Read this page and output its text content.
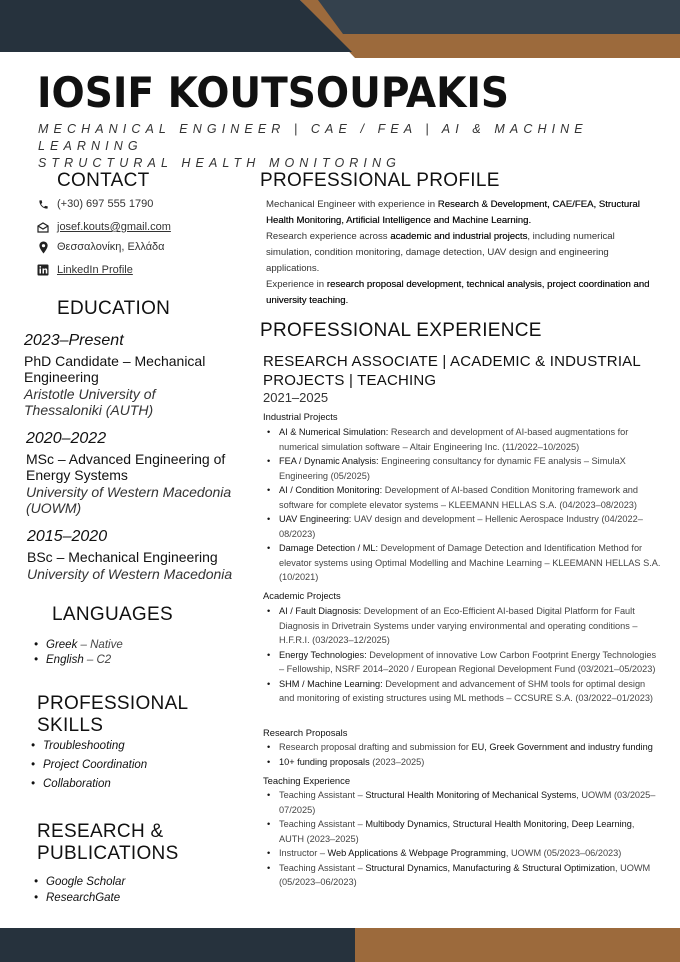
IOSIF KOUTSOUPAKIS
MECHANICAL ENGINEER | CAE / FEA | AI & MACHINE LEARNING
STRUCTURAL HEALTH MONITORING
CONTACT
(+30) 697 555 1790
josef.kouts@gmail.com
Θεσσαλονίκη, Ελλάδα
LinkedIn Profile
EDUCATION
2023–Present
PhD Candidate – Mechanical Engineering
Aristotle University of Thessaloniki (AUTH)
2020–2022
MSc – Advanced Engineering of Energy Systems
University of Western Macedonia (UOWM)
2015–2020
BSc – Mechanical Engineering
University of Western Macedonia
LANGUAGES
• Greek – Native
• English – C2
PROFESSIONAL
SKILLS
• Troubleshooting
• Project Coordination
• Collaboration
RESEARCH &
PUBLICATIONS
• Google Scholar
• ResearchGate
PROFESSIONAL PROFILE
Mechanical Engineer with experience in Research & Development, CAE/FEA, Structural Health Monitoring, Artificial Intelligence and Machine Learning.
Research experience across academic and industrial projects, including numerical simulation, condition monitoring, damage detection, UAV design and engineering applications.
Experience in research proposal development, technical analysis, project coordination and university teaching.
PROFESSIONAL EXPERIENCE
RESEARCH ASSOCIATE | ACADEMIC & INDUSTRIAL PROJECTS | TEACHING
2021–2025
Industrial Projects
• AI & Numerical Simulation: Research and development of AI-based augmentations for numerical simulation software – Altair Engineering Inc. (11/2022–10/2025)
• FEA / Dynamic Analysis: Engineering consultancy for dynamic FE analysis – SimulaX Engineering (05/2025)
• AI / Condition Monitoring: Development of AI-based Condition Monitoring framework and software for complete elevator systems – KLEEMANN HELLAS S.A. (04/2023–08/2023)
• UAV Engineering: UAV design and development – Hellenic Aerospace Industry (04/2022–08/2023)
• Damage Detection / ML: Development of Damage Detection and Identification Method for elevator systems using Optimal Modelling and Machine Learning – KLEEMANN HELLAS S.A. (10/2021)
Academic Projects
• AI / Fault Diagnosis: Development of an Eco-Efficient AI-based Digital Platform for Fault Diagnosis in Drivetrain Systems under varying environmental and operating conditions – H.F.R.I. (03/2023–12/2025)
• Energy Technologies: Development of innovative Low Carbon Footprint Energy Technologies – Fellowship, NSRF 2014–2020 / European Regional Development Fund (03/2021–05/2023)
• SHM / Machine Learning: Development and advancement of SHM tools for optimal design and monitoring of existing structures using ML methods – CCSURE S.A. (03/2022–01/2023)
Research Proposals
• Research proposal drafting and submission for EU, Greek Government and industry funding
• 10+ funding proposals (2023–2025)
Teaching Experience
• Teaching Assistant – Structural Health Monitoring of Mechanical Systems, UOWM (03/2025–07/2025)
• Teaching Assistant – Multibody Dynamics, Structural Health Monitoring, Deep Learning, AUTH (2023–2025)
• Instructor – Web Applications & Webpage Programming, UOWM (05/2023–06/2023)
• Teaching Assistant – Structural Dynamics, Manufacturing & Structural Optimization, UOWM (05/2023–06/2023)
